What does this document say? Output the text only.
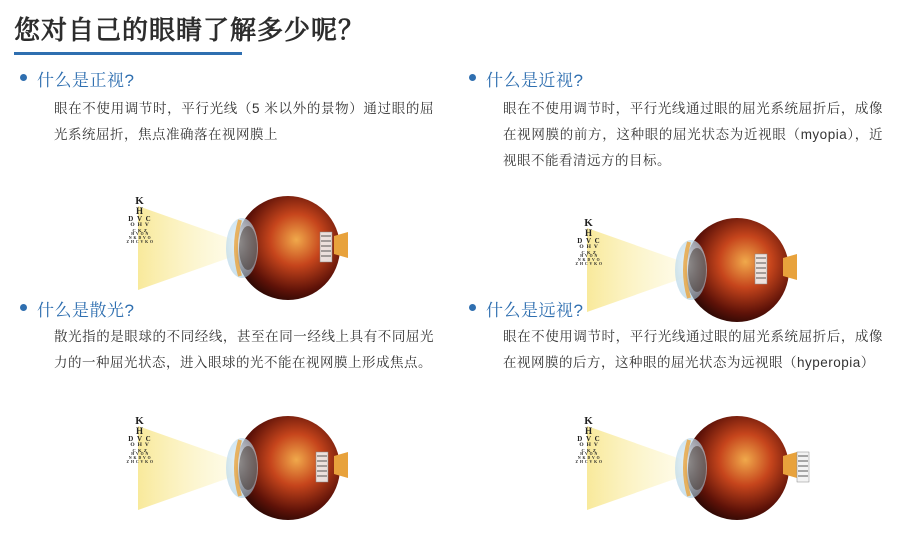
您对自己的眼睛了解多少呢？
什么是正视?
眼在不使用调节时，平行光线（5 米以外的景物）通过眼的屈光系统屈折，焦点准确落在视网膜上
K
H
D V C
O H V
C K Z
H V O N
N K D V O
Z H C V K O
什么是近视?
眼在不使用调节时，平行光线通过眼的屈光系统屈折后，成像在视网膜的前方，这种眼的屈光状态为近视眼（myopia），近视眼不能看清远方的目标。
K
H
D V C
O H V
C K Z
H V O N
N K D V O
Z H C V K O
什么是散光?
散光指的是眼球的不同经线，甚至在同一经线上具有不同屈光力的一种屈光状态，进入眼球的光不能在视网膜上形成焦点。
K
H
D V C
O H V
C K Z
H V O N
N K D V O
Z H C V K O
什么是远视?
眼在不使用调节时，平行光线通过眼的屈光系统屈折后，成像在视网膜的后方，这种眼的屈光状态为远视眼（hyperopia）
K
H
D V C
O H V
C K Z
H V O N
N K D V O
Z H C V K O
